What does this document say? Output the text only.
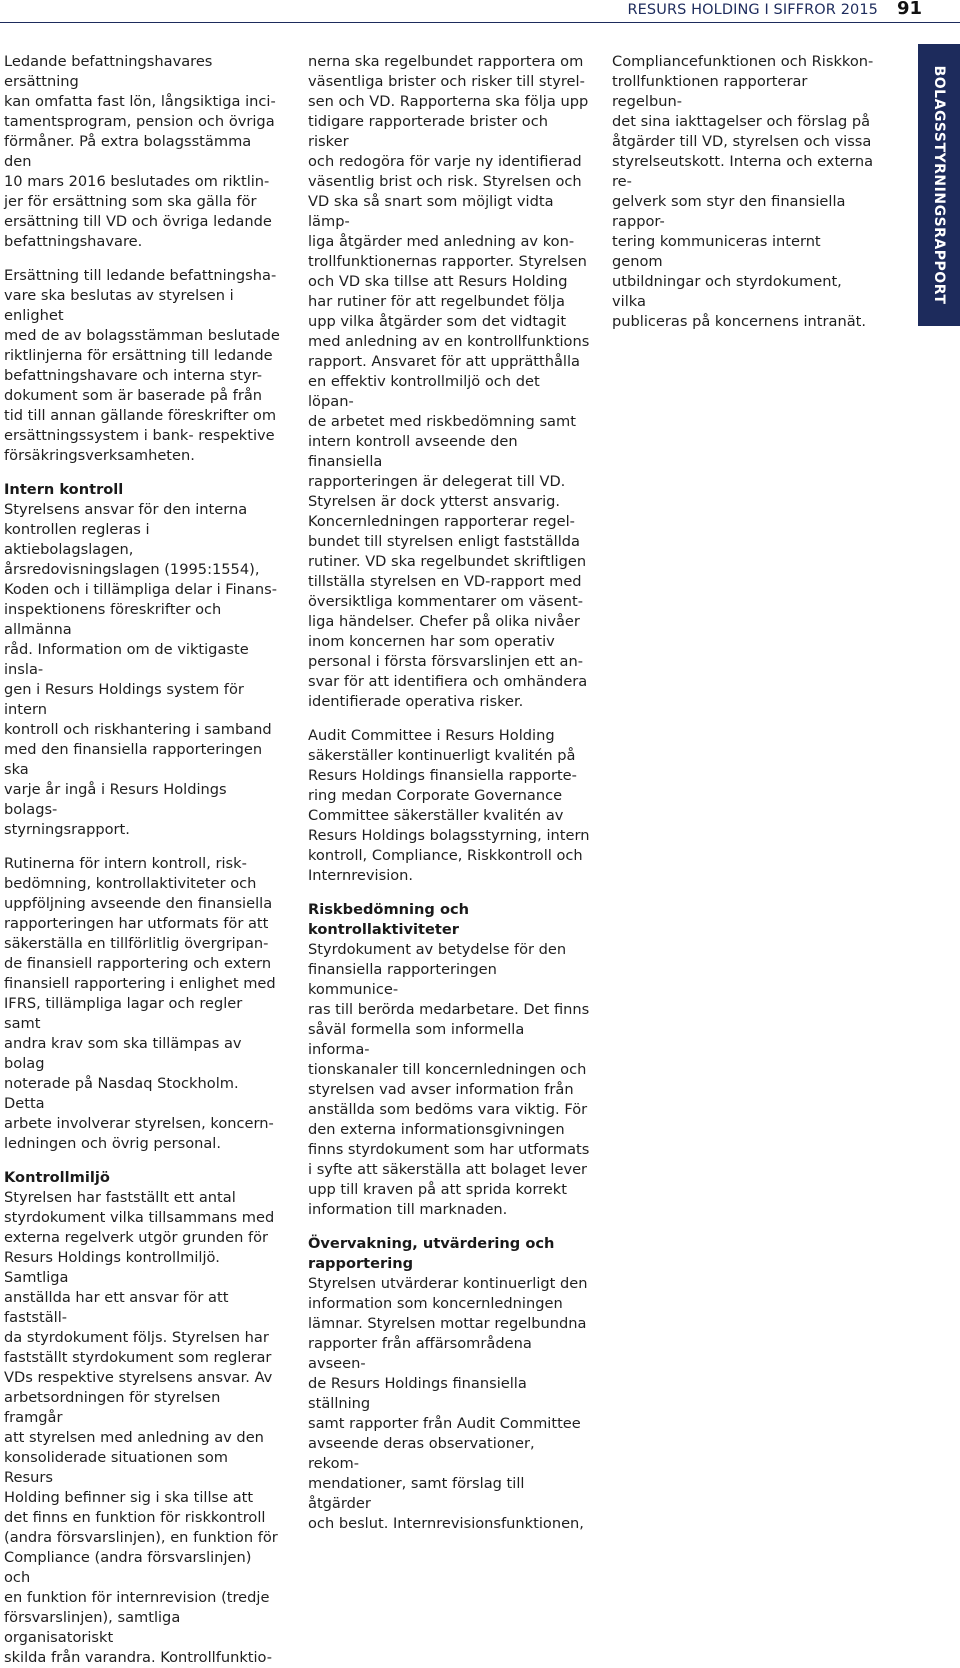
RESURS HOLDING I SIFFROR 2015 91

Ledande befattningshavares ersättning
kan omfatta fast lön, långsiktiga inci-
tamentsprogram, pension och övriga
förmåner. På extra bolagsstämma den
10 mars 2016 beslutades om riktlin-
jer för ersättning som ska gälla för
ersättning till VD och övriga ledande
befattningshavare.

Ersättning till ledande befattningsha-
vare ska beslutas av styrelsen i enlighet
med de av bolagsstämman beslutade
riktlinjerna för ersättning till ledande
befattningshavare och interna styr-
dokument som är baserade på från
tid till annan gällande föreskrifter om
ersättningssystem i bank- respektive
försäkringsverksamheten.

Intern kontroll

Styrelsens ansvar för den interna
kontrollen regleras i aktiebolagslagen,
årsredovisningslagen (1995:1554),
Koden och i tillämpliga delar i Finans-
inspektionens föreskrifter och allmänna
råd. Information om de viktigaste insla-
gen i Resurs Holdings system för intern
kontroll och riskhantering i samband
med den finansiella rapporteringen ska
varje år ingå i Resurs Holdings bolags-
styrningsrapport.

Rutinerna för intern kontroll, risk-
bedömning, kontrollaktiviteter och
uppföljning avseende den finansiella
rapporteringen har utformats för att
säkerställa en tillförlitlig övergripan-
de finansiell rapportering och extern
finansiell rapportering i enlighet med
IFRS, tillämpliga lagar och regler samt
andra krav som ska tillämpas av bolag
noterade på Nasdaq Stockholm. Detta
arbete involverar styrelsen, koncern-
ledningen och övrig personal.

Kontrollmiljö

Styrelsen har fastställt ett antal
styrdokument vilka tillsammans med
externa regelverk utgör grunden för
Resurs Holdings kontrollmiljö. Samtliga
anställda har ett ansvar för att fastställ-
da styrdokument följs. Styrelsen har
fastställt styrdokument som reglerar
VDs respektive styrelsens ansvar. Av
arbetsordningen för styrelsen framgår
att styrelsen med anledning av den
konsoliderade situationen som Resurs
Holding befinner sig i ska tillse att
det finns en funktion för riskkontroll
(andra försvarslinjen), en funktion för
Compliance (andra försvarslinjen) och
en funktion för internrevision (tredje
försvarslinjen), samtliga organisatoriskt
skilda från varandra. Kontrollfunktio-

nerna ska regelbundet rapportera om
väsentliga brister och risker till styrel-
sen och VD. Rapporterna ska följa upp
tidigare rapporterade brister och risker
och redogöra för varje ny identifierad
väsentlig brist och risk. Styrelsen och
VD ska så snart som möjligt vidta lämp-
liga åtgärder med anledning av kon-
trollfunktionernas rapporter. Styrelsen
och VD ska tillse att Resurs Holding
har rutiner för att regelbundet följa
upp vilka åtgärder som det vidtagit
med anledning av en kontrollfunktions
rapport. Ansvaret för att upprätthålla
en effektiv kontrollmiljö och det löpan-
de arbetet med riskbedömning samt
intern kontroll avseende den finansiella
rapporteringen är delegerat till VD.
Styrelsen är dock ytterst ansvarig.
Koncernledningen rapporterar regel-
bundet till styrelsen enligt fastställda
rutiner. VD ska regelbundet skriftligen
tillställa styrelsen en VD-rapport med
översiktliga kommentarer om väsent-
liga händelser. Chefer på olika nivåer
inom koncernen har som operativ
personal i första försvarslinjen ett an-
svar för att identifiera och omhändera
identifierade operativa risker.

Audit Committee i Resurs Holding
säkerställer kontinuerligt kvalitén på
Resurs Holdings finansiella rapporte-
ring medan Corporate Governance
Committee säkerställer kvalitén av
Resurs Holdings bolagsstyrning, intern
kontroll, Compliance, Riskkontroll och
Internrevision.

Riskbedömning och kontrollaktiviteter

Styrdokument av betydelse för den
finansiella rapporteringen kommunice-
ras till berörda medarbetare. Det finns
såväl formella som informella informa-
tionskanaler till koncernledningen och
styrelsen vad avser information från
anställda som bedöms vara viktig. För
den externa informationsgivningen
finns styrdokument som har utformats
i syfte att säkerställa att bolaget lever
upp till kraven på att sprida korrekt
information till marknaden.

Övervakning, utvärdering och
rapportering

Styrelsen utvärderar kontinuerligt den
information som koncernledningen
lämnar. Styrelsen mottar regelbundna
rapporter från affärsområdena avseen-
de Resurs Holdings finansiella ställning
samt rapporter från Audit Committee
avseende deras observationer, rekom-
mendationer, samt förslag till åtgärder
och beslut. Internrevisionsfunktionen,

Compliancefunktionen och Riskkon-
trollfunktionen rapporterar regelbun-
det sina iakttagelser och förslag på
åtgärder till VD, styrelsen och vissa
styrelseutskott. Interna och externa re-
gelverk som styr den finansiella rappor-
tering kommuniceras internt genom
utbildningar och styrdokument, vilka
publiceras på koncernens intranät.

BOLAGSSTYRNINGSRAPPORT
